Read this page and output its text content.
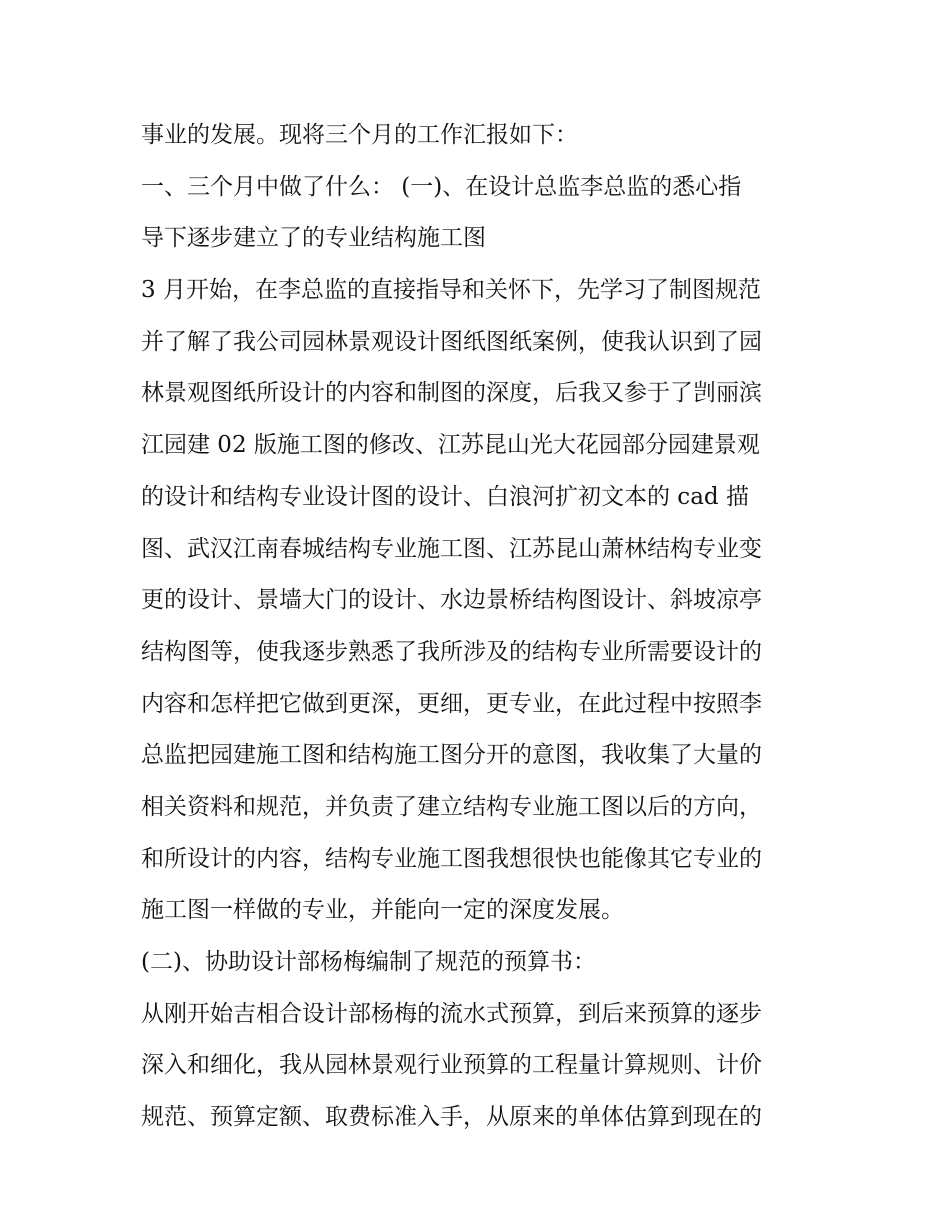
事业的发展。现将三个月的工作汇报如下：
一、三个月中做了什么： (一)、在设计总监李总监的悉心指
导下逐步建立了的专业结构施工图
3 月开始，在李总监的直接指导和关怀下，先学习了制图规范
并了解了我公司园林景观设计图纸图纸案例，使我认识到了园
林景观图纸所设计的内容和制图的深度，后我又参于了剀丽滨
江园建 02 版施工图的修改、江苏昆山光大花园部分园建景观
的设计和结构专业设计图的设计、白浪河扩初文本的 cad 描
图、武汉江南春城结构专业施工图、江苏昆山萧林结构专业变
更的设计、景墙大门的设计、水边景桥结构图设计、斜坡凉亭
结构图等，使我逐步熟悉了我所涉及的结构专业所需要设计的
内容和怎样把它做到更深，更细，更专业，在此过程中按照李
总监把园建施工图和结构施工图分开的意图，我收集了大量的
相关资料和规范，并负责了建立结构专业施工图以后的方向，
和所设计的内容，结构专业施工图我想很快也能像其它专业的
施工图一样做的专业，并能向一定的深度发展。
(二)、协助设计部杨梅编制了规范的预算书：
从刚开始吉相合设计部杨梅的流水式预算，到后来预算的逐步
深入和细化，我从园林景观行业预算的工程量计算规则、计价
规范、预算定额、取费标准入手，从原来的单体估算到现在的
